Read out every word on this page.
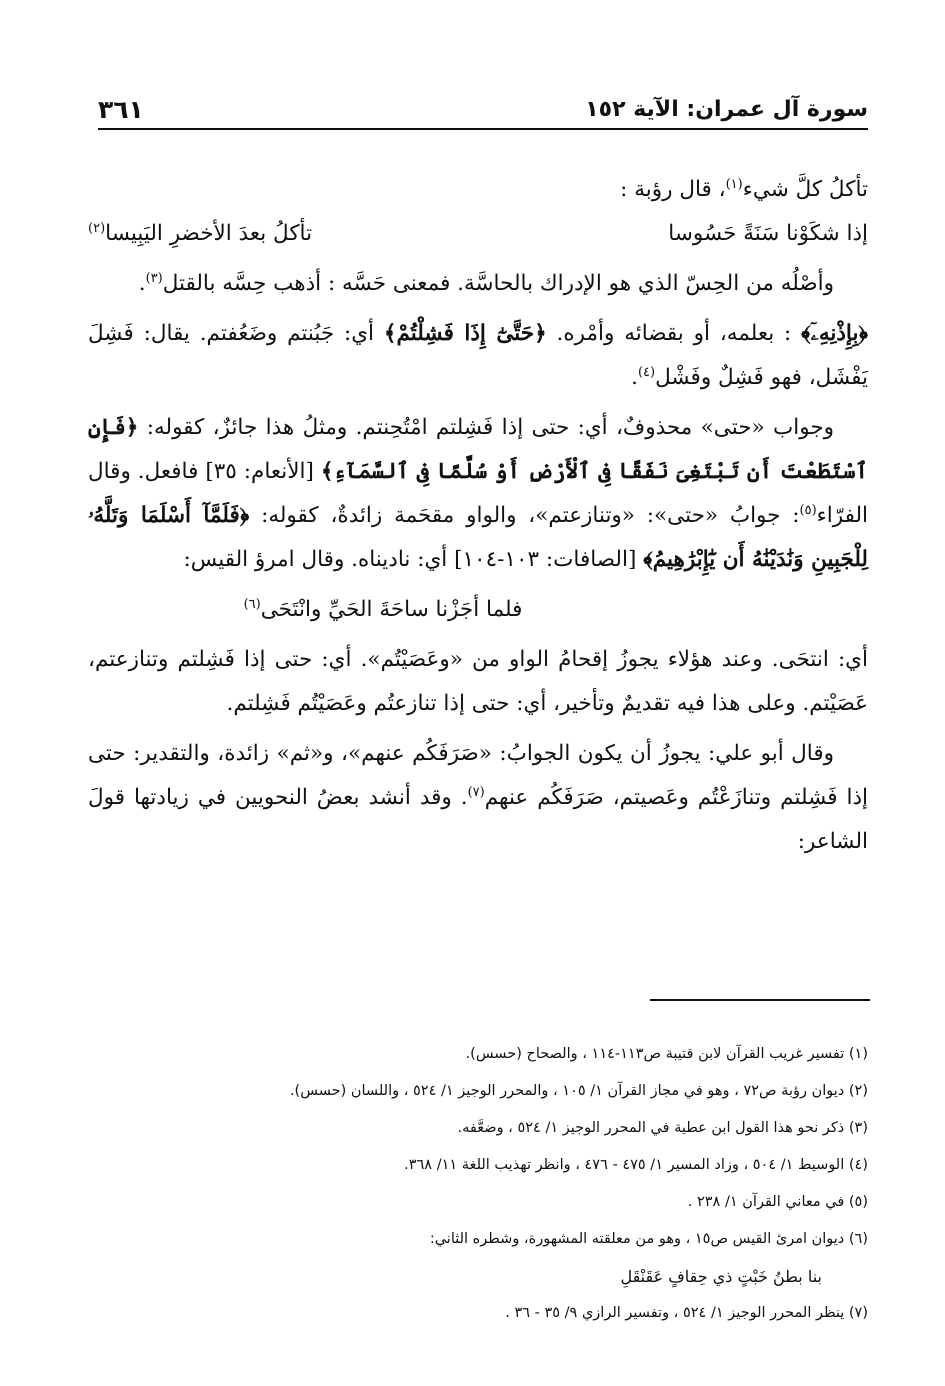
سورة آل عمران: الآية ١٥٢
٣٦١

تأكلُ كلَّ شيء$^{(١)}$، قال رؤبة :

إذا شكَوْنا سَنَةً حَسُوسا
تأكلُ بعدَ الأخضرِ اليَبِيسا$^{(٢)}$

وأصْلُه من الحِسّ الذي هو الإدراك بالحاسَّة. فمعنى حَسَّه : أذهب حِسَّه بالقتل$^{(٣)}$.

﴿بِإِذْنِهِۦٓ﴾ : بعلمه، أو بقضائه وأمْره. ﴿حَتَّىٰٓ إِذَا فَشِلْتُمْ﴾ أي: جَبُنتم وضَعُفتم. يقال: فَشِلَ يَفْشَل، فهو فَشِلٌ وفَشْل$^{(٤)}$.

وجواب «حتى» محذوفٌ، أي: حتى إذا فَشِلتم امْتُحِنتم. ومثلُ هذا جائزٌ، كقوله: ﴿فَإِنِ ٱسْتَطَعْتَ أَن تَبْتَغِىَ نَفَقًا فِى ٱلْأَرْضِ أَوْ سُلَّمًا فِى ٱلسَّمَآءِ﴾ [الأنعام: ٣٥] فافعل. وقال الفرّاء$^{(٥)}$: جوابُ «حتى»: «وتنازعتم»، والواو مقحَمة زائدةٌ، كقوله: ﴿فَلَمَّآ أَسْلَمَا وَتَلَّهُۥ لِلْجَبِينِ وَنَٰدَيْنَٰهُ أَن يَٰٓإِبْرَٰهِيمُ﴾ [الصافات: ١٠٣-١٠٤] أي: ناديناه. وقال امرؤ القيس:

فلما أجَزْنا ساحَةَ الحَيِّ وانْتَحَى$^{(٦)}$

أي: انتحَى. وعند هؤلاء يجوزُ إقحامُ الواو من «وعَصَيْتُم». أي: حتى إذا فَشِلتم وتنازعتم، عَصَيْتم. وعلى هذا فيه تقديمٌ وتأخير، أي: حتى إذا تنازعتُم وعَصَيْتُم فَشِلتم.

وقال أبو علي: يجوزُ أن يكون الجوابُ: «صَرَفَكُم عنهم»، و«ثم» زائدة، والتقدير: حتى إذا فَشِلتم وتنازَعْتُم وعَصيتم، صَرَفَكُم عنهم$^{(٧)}$. وقد أنشد بعضُ النحويين في زيادتها قولَ الشاعر:

(١) تفسير غريب القرآن لابن قتيبة ص١١٣-١١٤ ، والصحاح (حسس).

(٢) ديوان رؤبة ص٧٢ ، وهو في مجاز القرآن ١/ ١٠٥ ، والمحرر الوجيز ١/ ٥٢٤ ، واللسان (حسس).

(٣) ذكر نحو هذا القول ابن عطية في المحرر الوجيز ١/ ٥٢٤ ، وضعَّفه.

(٤) الوسيط ١/ ٥٠٤ ، وزاد المسير ١/ ٤٧٥ - ٤٧٦ ، وانظر تهذيب اللغة ١١/ ٣٦٨.

(٥) في معاني القرآن ١/ ٢٣٨ .

(٦) ديوان امرئ القيس ص١٥ ، وهو من معلقته المشهورة، وشطره الثاني:

بنا بطنُ خَبْتٍ ذي حِقافٍ عَقَنْقَلِ

(٧) ينظر المحرر الوجيز ١/ ٥٢٤ ، وتفسير الرازي ٩/ ٣٥ - ٣٦ .
